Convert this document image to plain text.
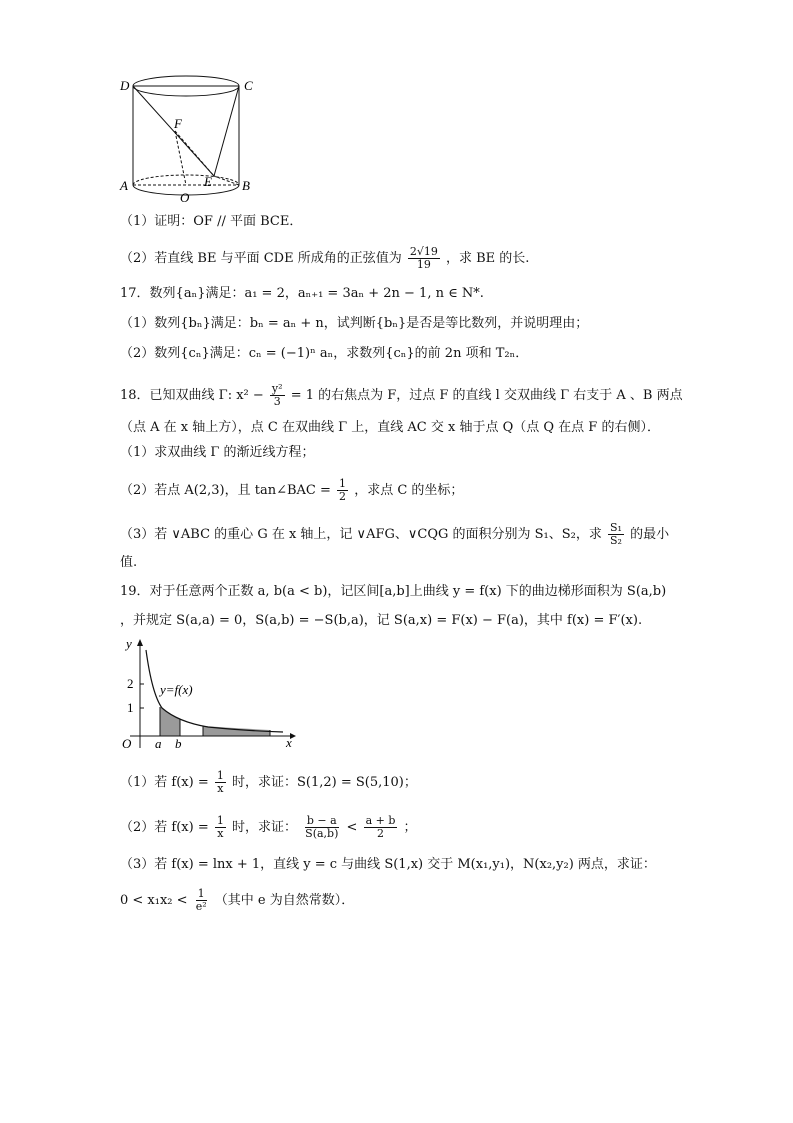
D	C
F
E
A	B
O
（1）证明：OF // 平面 BCE．
（2）若直线 BE 与平面 CDE 所成角的正弦值为 $\frac{2√19}{19}$ ，求 BE 的长.
17．数列{aₙ}满足：a₁ = 2，aₙ₊₁ = 3aₙ + 2n − 1, n ∈ N*.
（1）数列{bₙ}满足：bₙ = aₙ + n，试判断{bₙ}是否是等比数列，并说明理由；
（2）数列{cₙ}满足：cₙ = (−1)ⁿ aₙ，求数列{cₙ}的前 2n 项和 T₂ₙ．
18．已知双曲线 Γ: $x^2 - \frac{\text{y²}}{3} = 1$ 的右焦点为 F，过点 F 的直线 l 交双曲线 Γ 右支于 A 、B 两点
（点 A 在 x 轴上方），点 C 在双曲线 Γ 上，直线 AC 交 x 轴于点 Q（点 Q 在点 F 的右侧）．
（1）求双曲线 Γ 的渐近线方程；
（2）若点 A(2,3)，且 tan∠BAC = $\frac{1}{2}$ ，求点 C 的坐标；
（3）若 ∨ABC 的重心 G 在 x 轴上，记 ∨AFG、∨CQG 的面积分别为 S₁、S₂，求 $\frac{\text{S₁}}{\text{S₂}}$ 的最小
值.
19．对于任意两个正数 a, b(a < b)，记区间[a,b]上曲线 y = f(x) 下的曲边梯形面积为 S(a,b)
，并规定 S(a,a) = 0，S(a,b) = −S(b,a)，记 S(a,x) = F(x) − F(a)，其中 f(x) = F′(x).
y
x
O
2
1
a b
y=f(x)
（1）若 $f(x) = \frac{1}{x}$ 时，求证：S(1,2) = S(5,10)；
（2）若 $f(x) = \frac{1}{x}$ 时，求证： $\frac{b - a}{S(a,b)} < \frac{a + b}{2}$ ；
（3）若 f(x) = lnx + 1，直线 y = c 与曲线 S(1,x) 交于 M(x₁,y₁)，N(x₂,y₂) 两点，求证：
$0 < x_1x_2 < \frac{1}{\text{e²}}$ （其中 e 为自然常数）．
